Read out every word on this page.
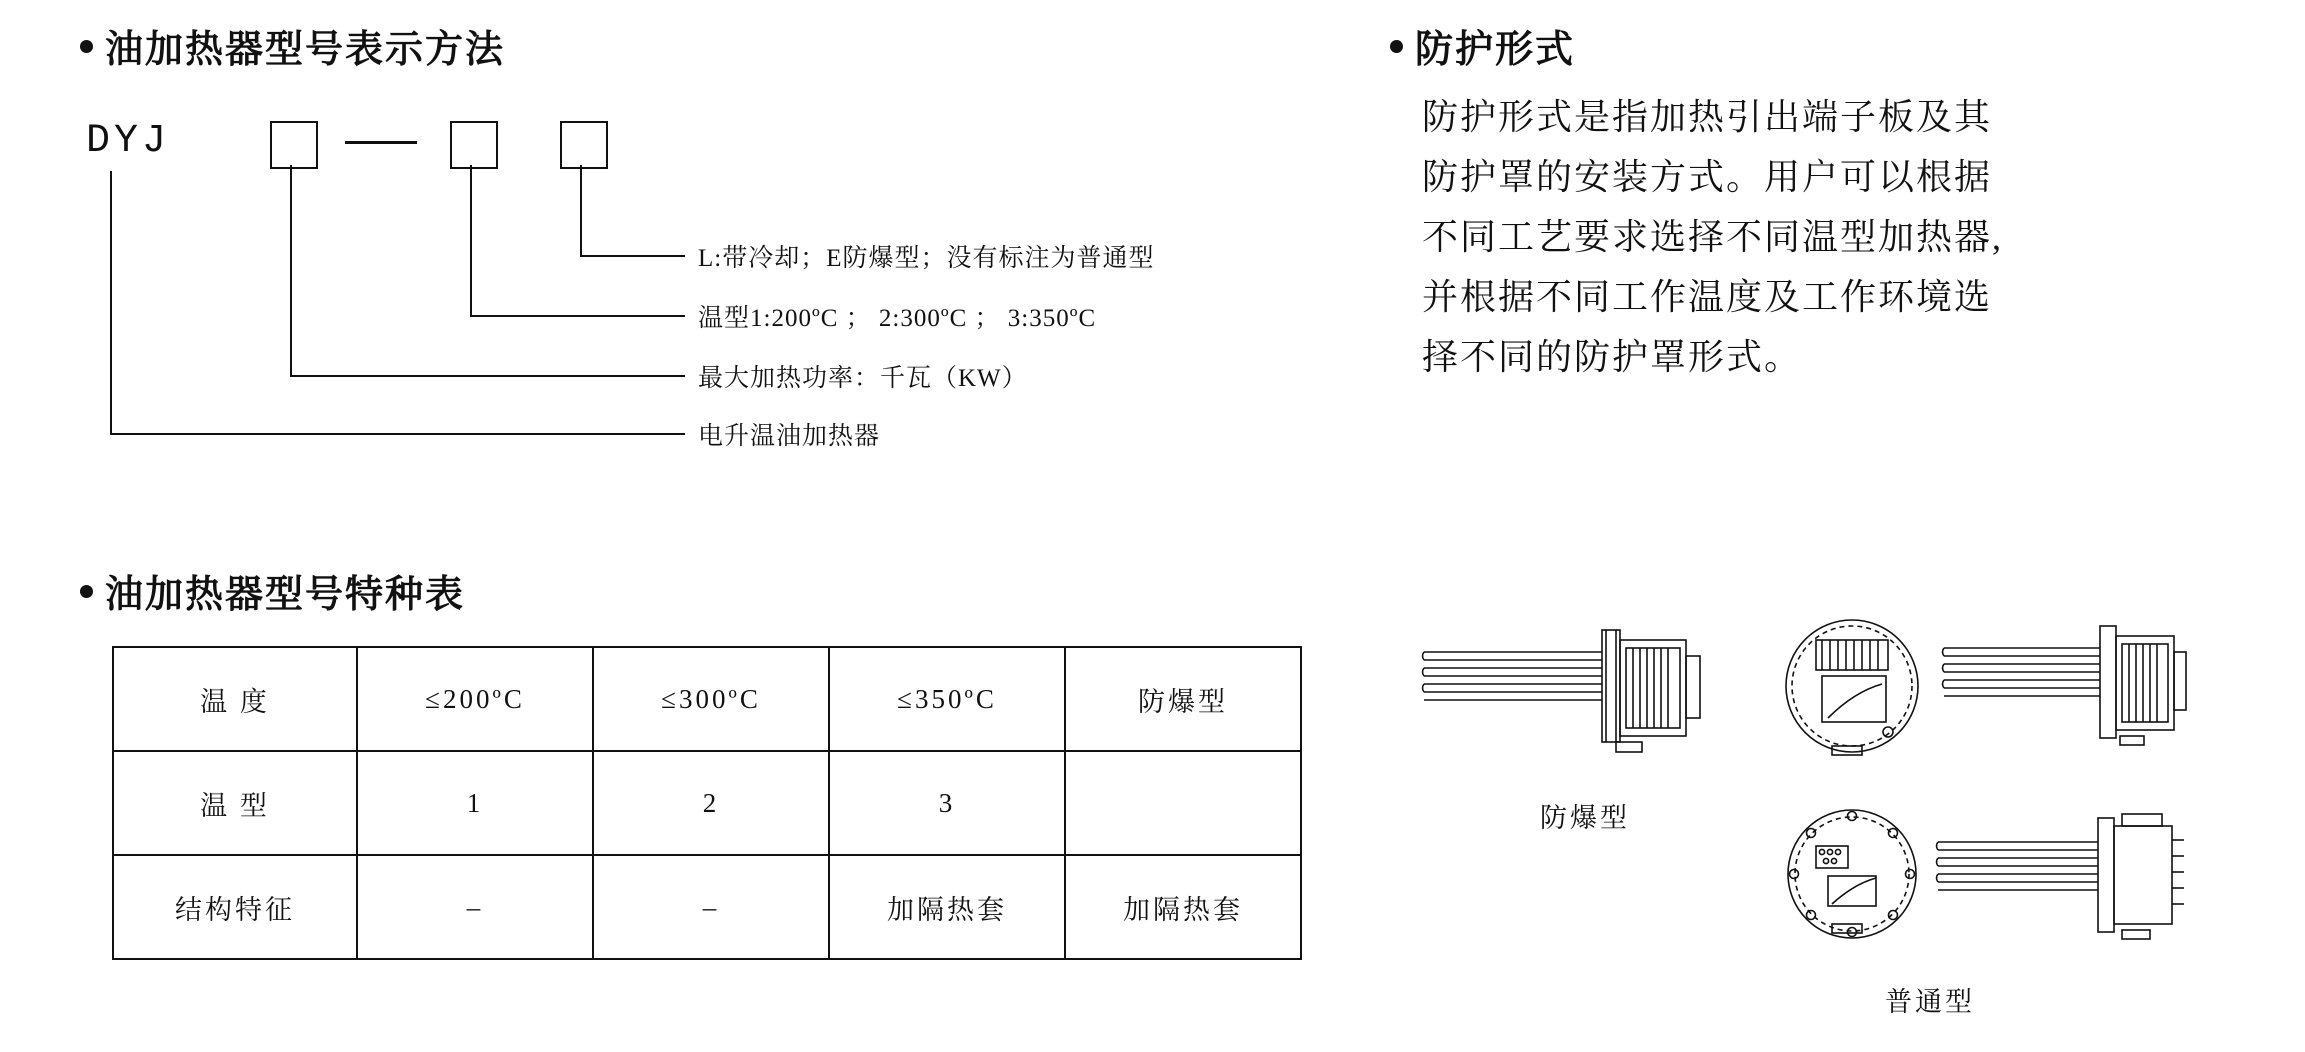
油加热器型号表示方法
DYJ
L:带冷却；E防爆型；没有标注为普通型
温型1:200ºC ； 2:300ºC ； 3:350ºC
最大加热功率：千瓦（KW）
电升温油加热器
油加热器型号特种表
温 度	≤200ºC	≤300ºC	≤350ºC	防爆型
温 型	1	2	3	
结构特征	–	–	加隔热套	加隔热套
防护形式
防护形式是指加热引出端子板及其
防护罩的安装方式。用户可以根据
不同工艺要求选择不同温型加热器,
并根据不同工作温度及工作环境选
择不同的防护罩形式。
防爆型
普通型
